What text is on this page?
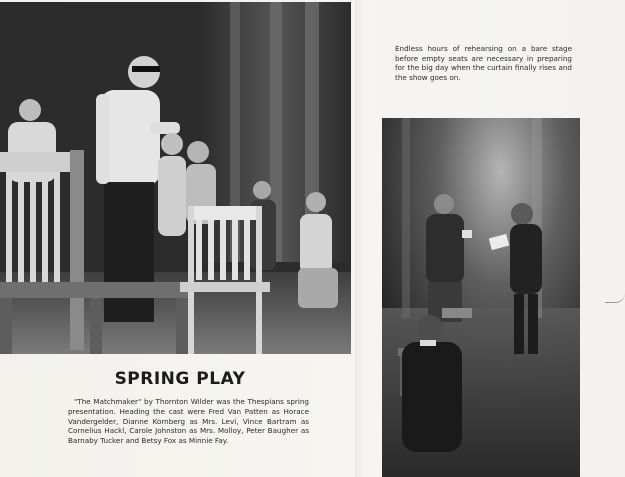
Endless hours of rehearsing on a bare stage before empty seats are necessary in preparing for the big day when the curtain finally rises and the show goes on.
SPRING PLAY
"The Matchmaker" by Thornton Wilder was the Thespians spring presentation. Heading the cast were Fred Van Patten as Horace Vandergelder, Dianne Kornberg as Mrs. Levi, Vince Bartram as Cornelius Hackl, Carole Johnston as Mrs. Molloy, Peter Baugher as Barnaby Tucker and Betsy Fox as Minnie Fay.
